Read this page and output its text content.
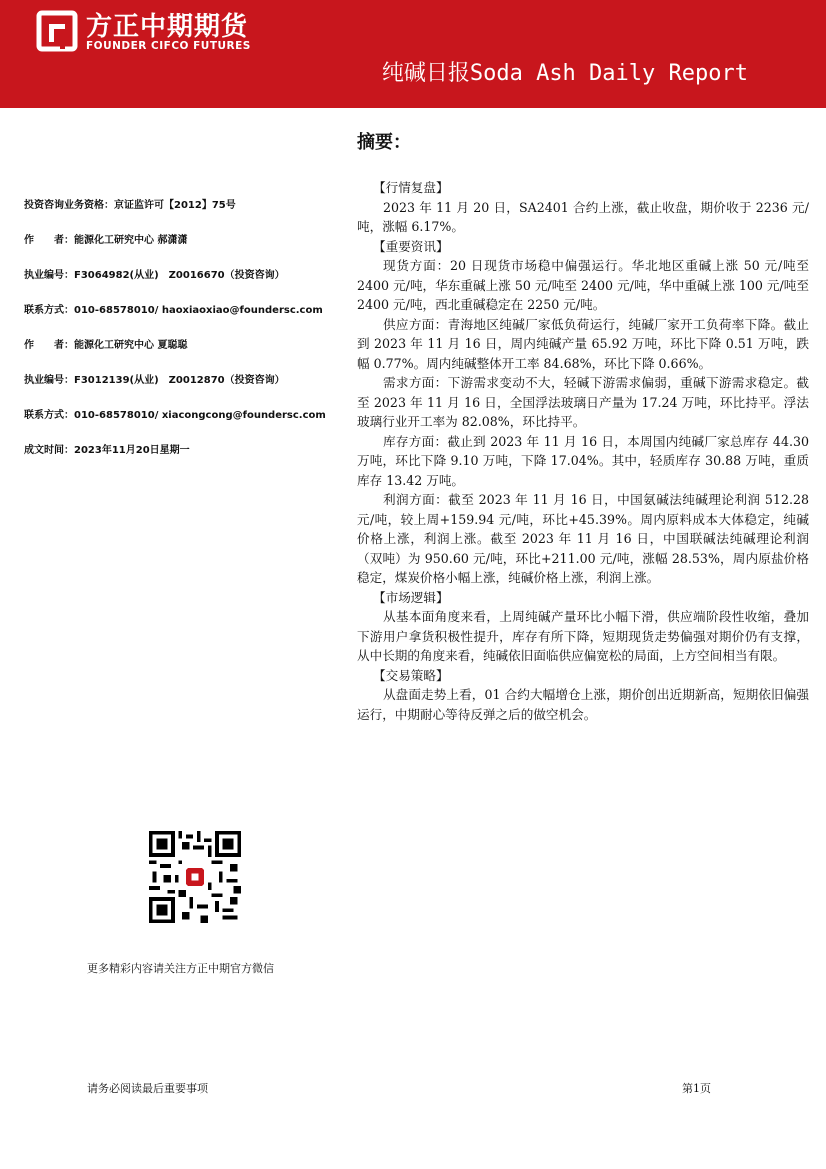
方正中期期货
FOUNDER CIFCO FUTURES
纯碱日报Soda Ash Daily Report
摘要：
投资咨询业务资格：京证监许可【2012】75号
作　　者：能源化工研究中心 郝潇潇
执业编号：F3064982(从业)　Z0016670（投资咨询）
联系方式：010-68578010/ haoxiaoxiao@foundersc.com
作　　者：能源化工研究中心 夏聪聪
执业编号：F3012139(从业)　Z0012870（投资咨询）
联系方式：010-68578010/ xiacongcong@foundersc.com
成文时间：2023年11月20日星期一

【行情复盘】

2023 年 11 月 20 日，SA2401 合约上涨，截止收盘，期价收于 2236 元/吨，涨幅 6.17%。

【重要资讯】

现货方面：20 日现货市场稳中偏强运行。华北地区重碱上涨 50 元/吨至 2400 元/吨，华东重碱上涨 50 元/吨至 2400 元/吨，华中重碱上涨 100 元/吨至 2400 元/吨，西北重碱稳定在 2250 元/吨。

供应方面：青海地区纯碱厂家低负荷运行，纯碱厂家开工负荷率下降。截止到 2023 年 11 月 16 日，周内纯碱产量 65.92 万吨，环比下降 0.51 万吨，跌幅 0.77%。周内纯碱整体开工率 84.68%，环比下降 0.66%。

需求方面：下游需求变动不大，轻碱下游需求偏弱，重碱下游需求稳定。截至 2023 年 11 月 16 日，全国浮法玻璃日产量为 17.24 万吨，环比持平。浮法玻璃行业开工率为 82.08%，环比持平。

库存方面：截止到 2023 年 11 月 16 日，本周国内纯碱厂家总库存 44.30 万吨，环比下降 9.10 万吨，下降 17.04%。其中，轻质库存 30.88 万吨，重质库存 13.42 万吨。

利润方面：截至 2023 年 11 月 16 日，中国氨碱法纯碱理论利润 512.28 元/吨，较上周+159.94 元/吨，环比+45.39%。周内原料成本大体稳定，纯碱价格上涨，利润上涨。截至 2023 年 11 月 16 日，中国联碱法纯碱理论利润（双吨）为 950.60 元/吨，环比+211.00 元/吨，涨幅 28.53%，周内原盐价格稳定，煤炭价格小幅上涨，纯碱价格上涨，利润上涨。

【市场逻辑】

从基本面角度来看，上周纯碱产量环比小幅下滑，供应端阶段性收缩，叠加下游用户拿货积极性提升，库存有所下降，短期现货走势偏强对期价仍有支撑，从中长期的角度来看，纯碱依旧面临供应偏宽松的局面，上方空间相当有限。

【交易策略】

从盘面走势上看，01 合约大幅增仓上涨，期价创出近期新高，短期依旧偏强运行，中期耐心等待反弹之后的做空机会。

更多精彩内容请关注方正中期官方微信
请务必阅读最后重要事项	第1页
